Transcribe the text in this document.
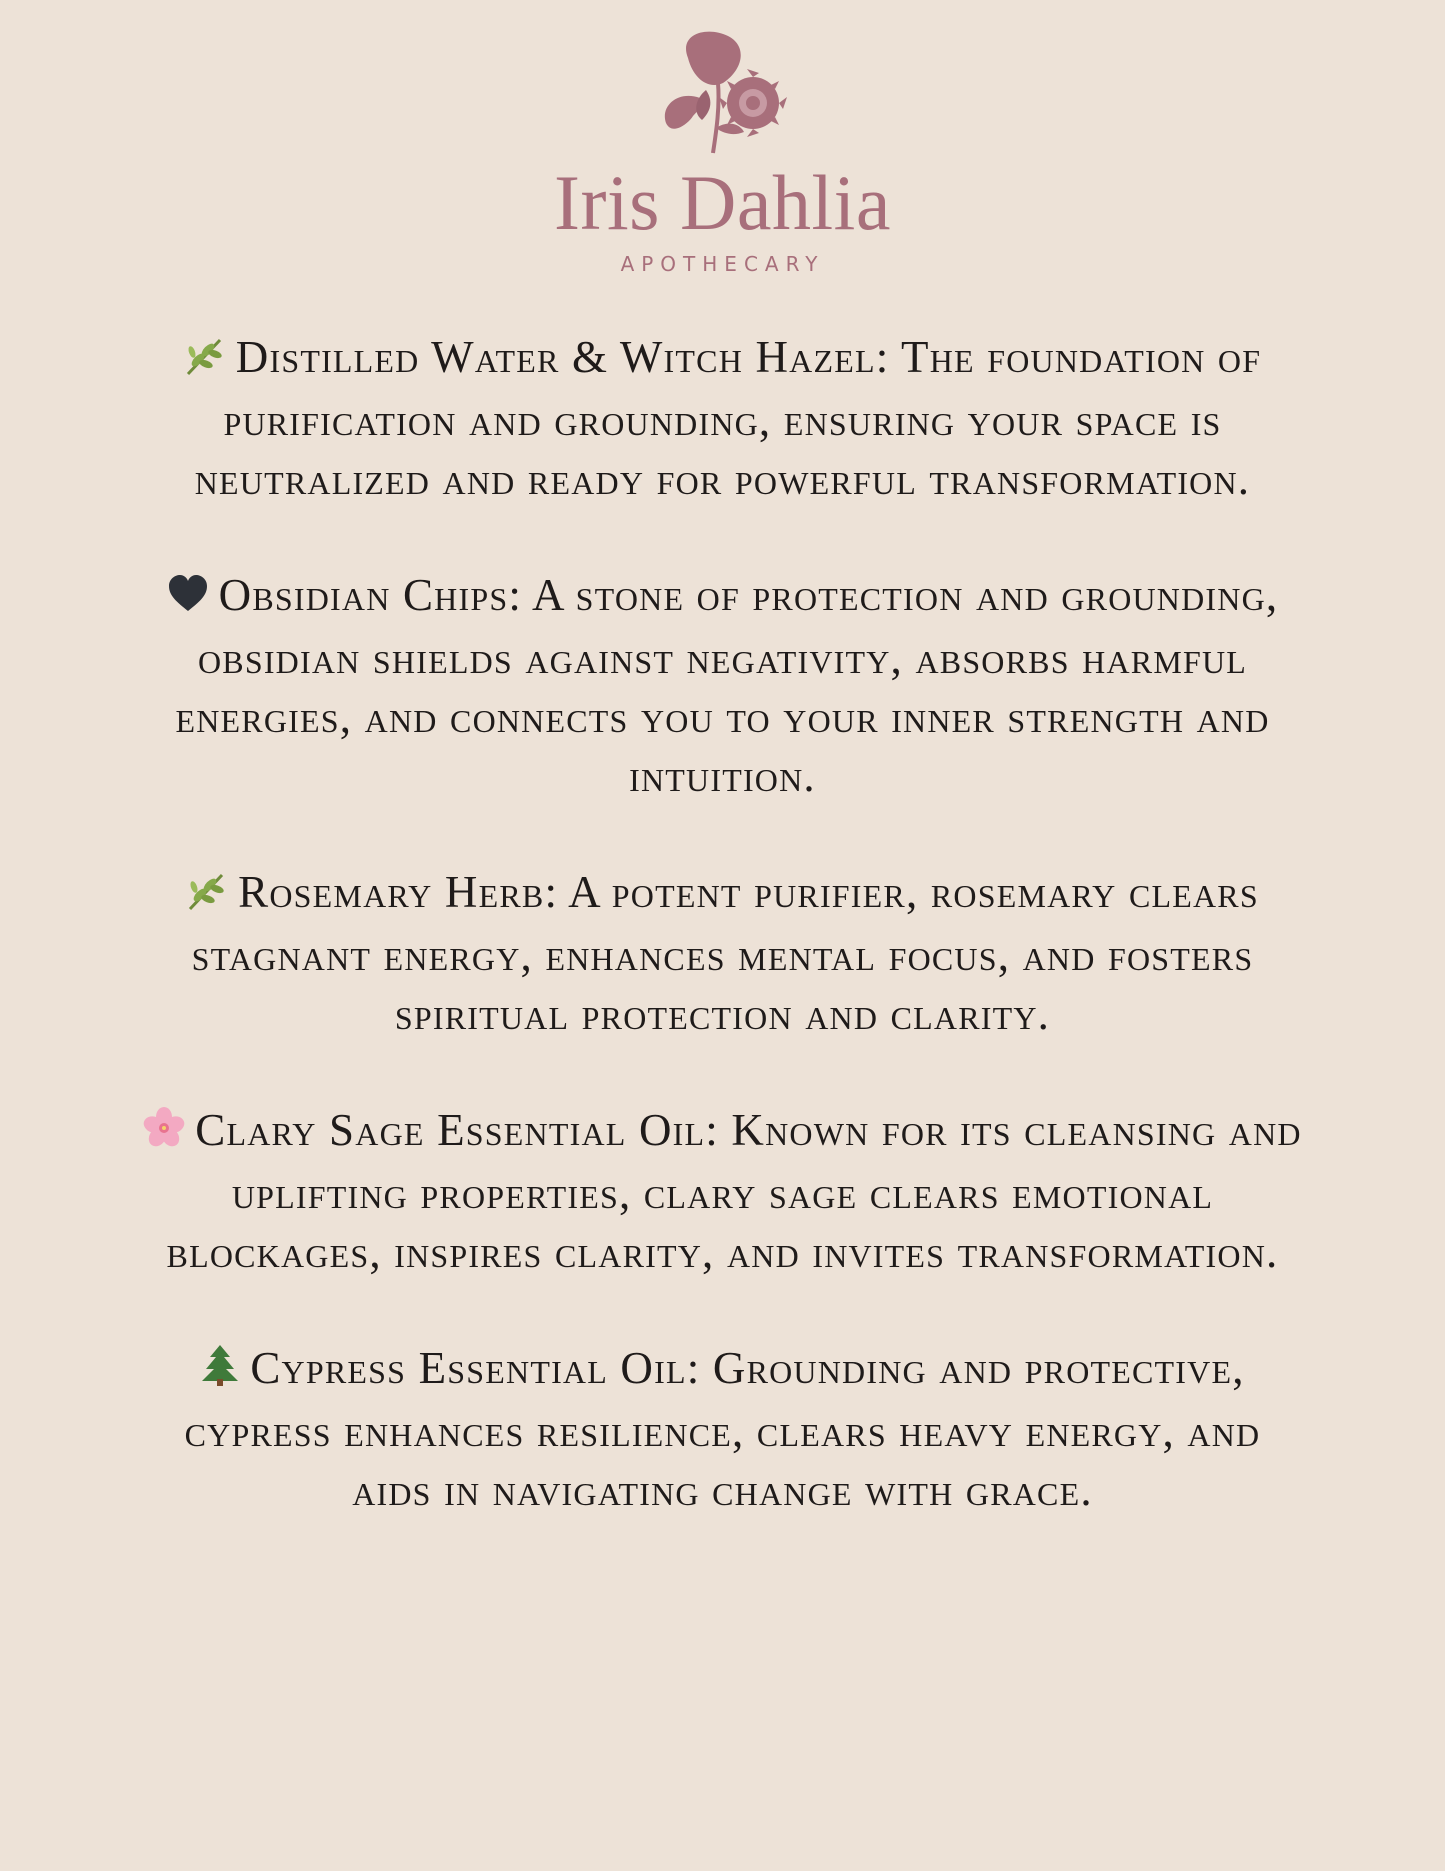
Iris Dahlia
APOTHECARY
Distilled Water & Witch Hazel: The foundation of purification and grounding, ensuring your space is neutralized and ready for powerful transformation.
Obsidian Chips: A stone of protection and grounding, obsidian shields against negativity, absorbs harmful energies, and connects you to your inner strength and intuition.
Rosemary Herb: A potent purifier, rosemary clears stagnant energy, enhances mental focus, and fosters spiritual protection and clarity.
Clary Sage Essential Oil: Known for its cleansing and uplifting properties, clary sage clears emotional blockages, inspires clarity, and invites transformation.
Cypress Essential Oil: Grounding and protective, cypress enhances resilience, clears heavy energy, and aids in navigating change with grace.
